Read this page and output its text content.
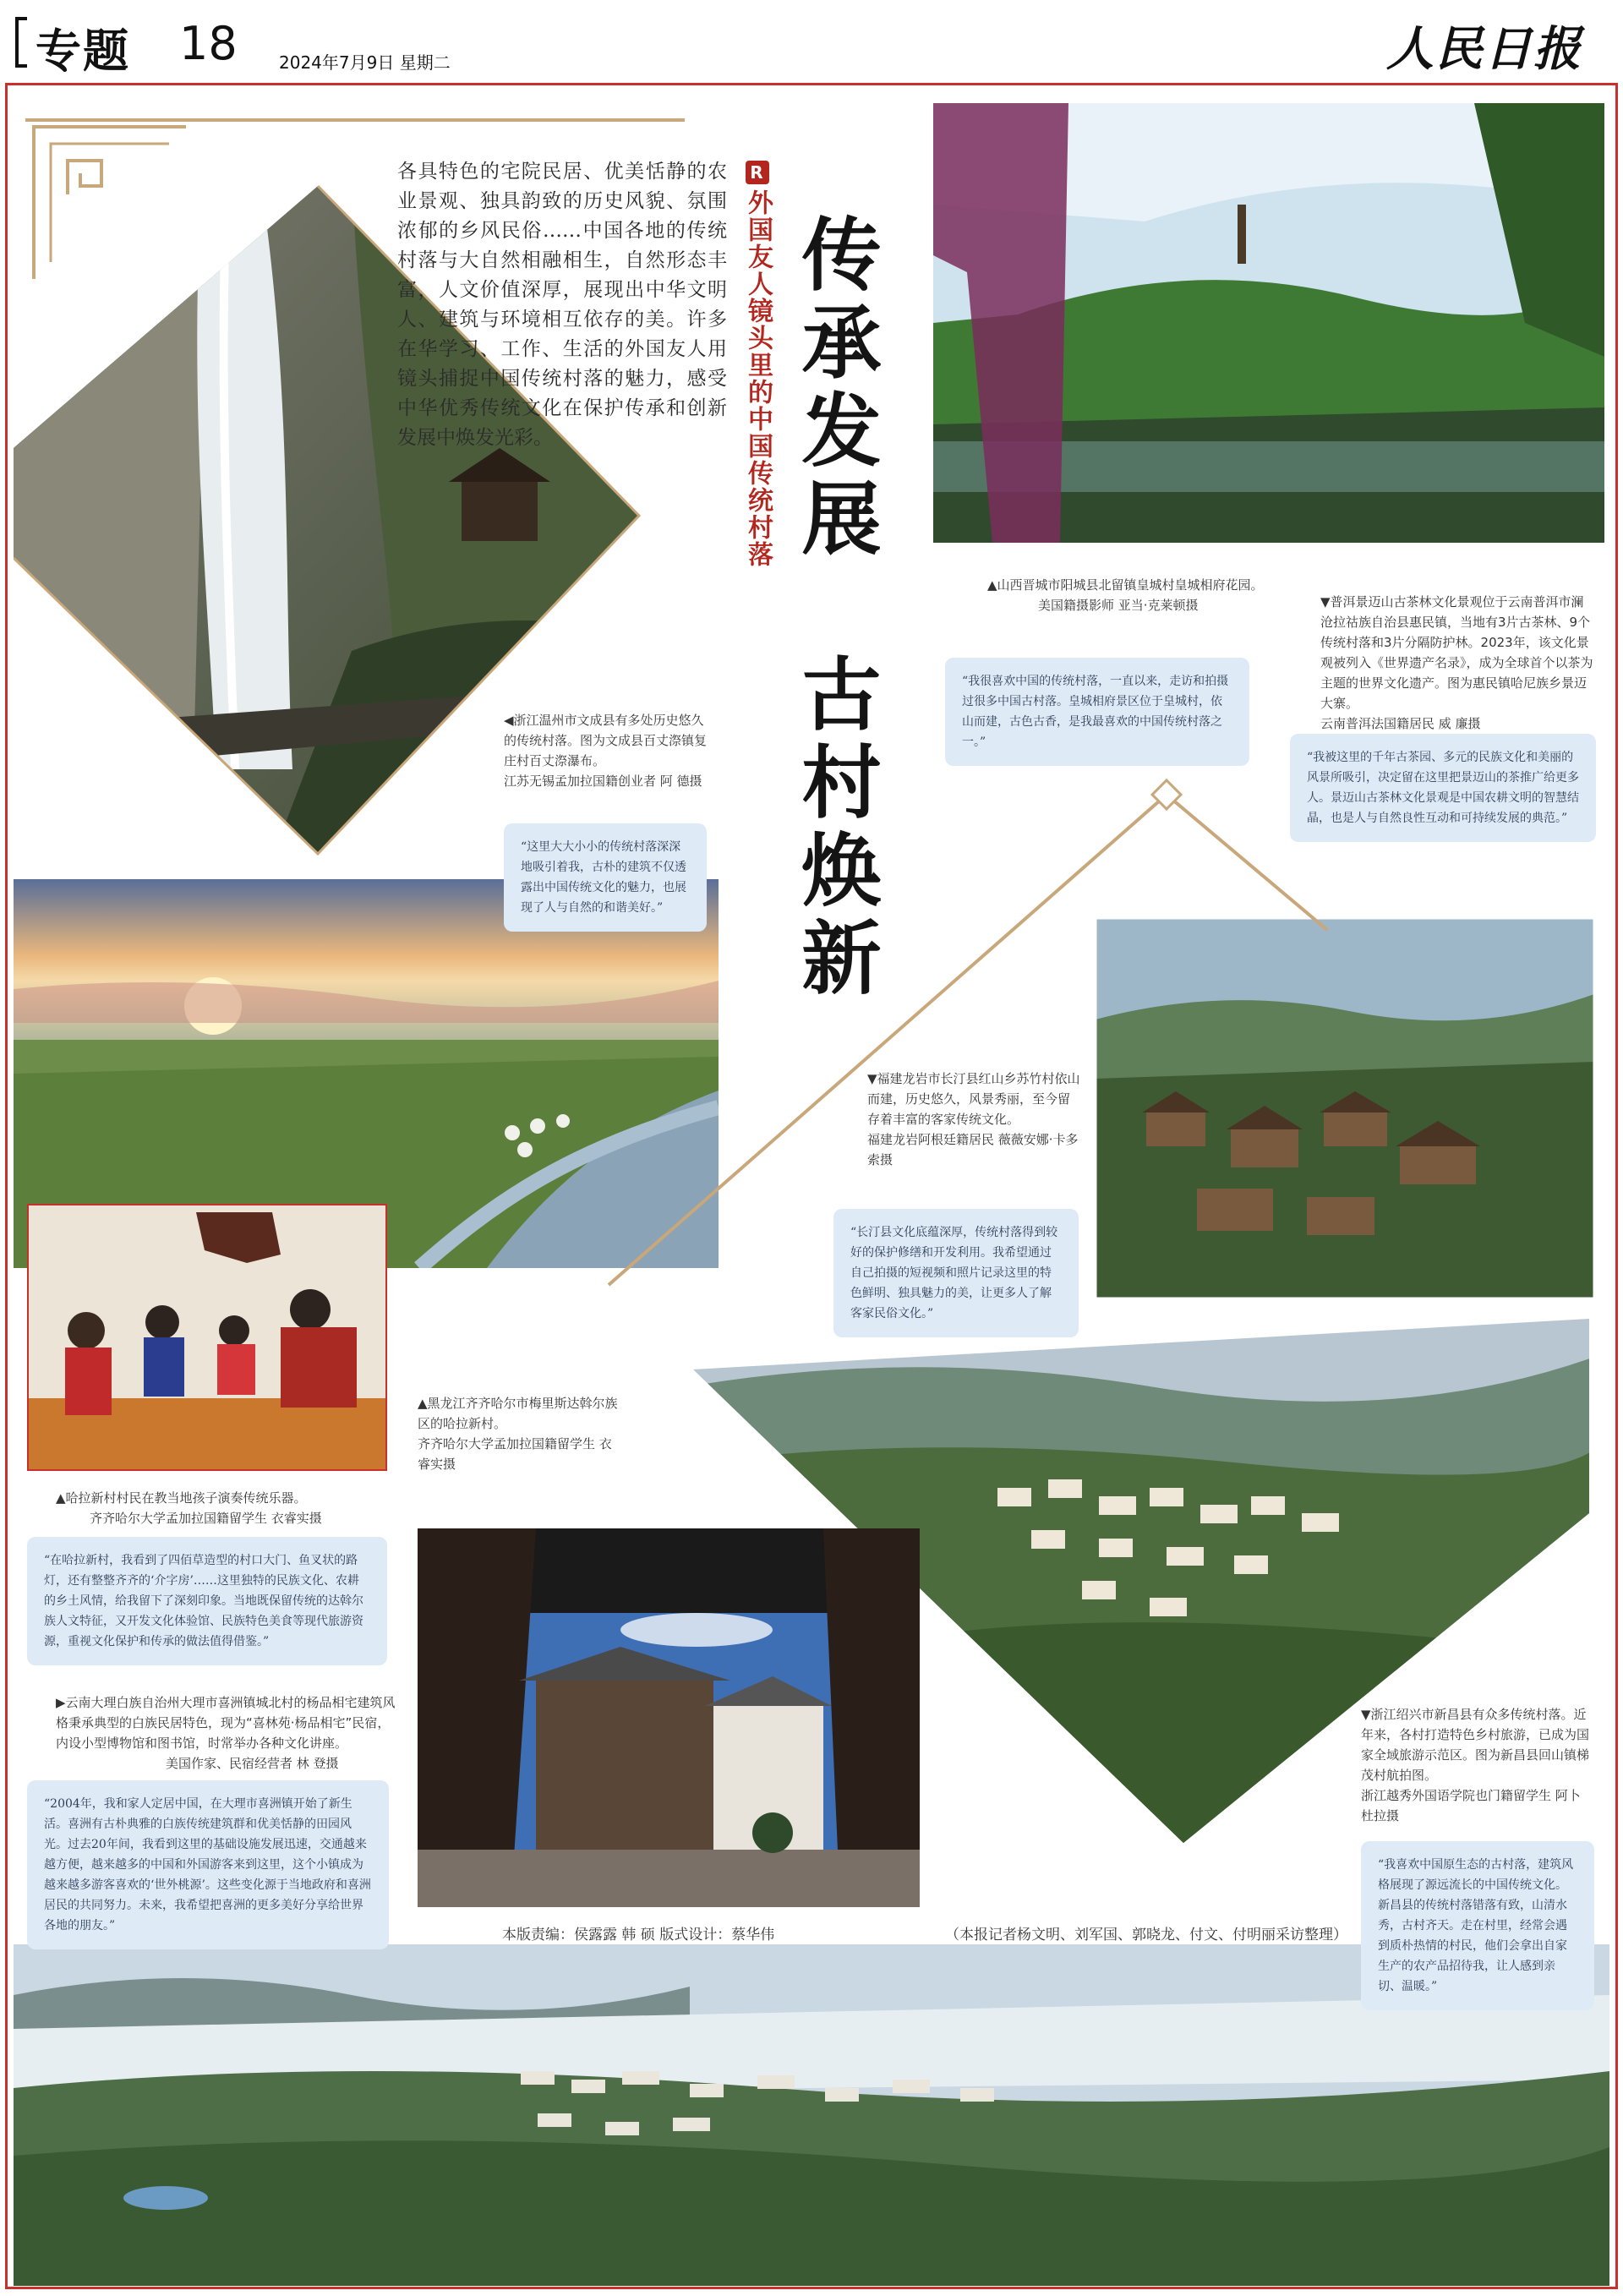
专题 18 2024年7月9日 星期二	人民日报
传承发展
古村焕新
R外国友人镜头里的中国传统村落
各具特色的宅院民居、优美恬静的农业景观、独具韵致的历史风貌、氛围浓郁的乡风民俗……中国各地的传统村落与大自然相融相生，自然形态丰富，人文价值深厚，展现出中华文明人、建筑与环境相互依存的美。许多在华学习、工作、生活的外国友人用镜头捕捉中国传统村落的魅力，感受中华优秀传统文化在保护传承和创新发展中焕发光彩。
◀浙江温州市文成县有多处历史悠久的传统村落。图为文成县百丈漈镇复庄村百丈漈瀑布。
江苏无锡孟加拉国籍创业者 阿 德摄
“这里大大小小的传统村落深深地吸引着我，古朴的建筑不仅透露出中国传统文化的魅力，也展现了人与自然的和谐美好。”
▲山西晋城市阳城县北留镇皇城村皇城相府花园。
美国籍摄影师 亚当·克莱顿摄
“我很喜欢中国的传统村落，一直以来，走访和拍摄过很多中国古村落。皇城相府景区位于皇城村，依山而建，古色古香，是我最喜欢的中国传统村落之一。”
▼普洱景迈山古茶林文化景观位于云南普洱市澜沧拉祜族自治县惠民镇，当地有3片古茶林、9个传统村落和3片分隔防护林。2023年，该文化景观被列入《世界遗产名录》，成为全球首个以茶为主题的世界文化遗产。图为惠民镇哈尼族乡景迈大寨。
云南普洱法国籍居民 威 廉摄
“我被这里的千年古茶园、多元的民族文化和美丽的风景所吸引，决定留在这里把景迈山的茶推广给更多人。景迈山古茶林文化景观是中国农耕文明的智慧结晶，也是人与自然良性互动和可持续发展的典范。”
▼福建龙岩市长汀县红山乡苏竹村依山而建，历史悠久，风景秀丽，至今留存着丰富的客家传统文化。
福建龙岩阿根廷籍居民 薇薇安娜·卡多索摄
“长汀县文化底蕴深厚，传统村落得到较好的保护修缮和开发利用。我希望通过自己拍摄的短视频和照片记录这里的特色鲜明、独具魅力的美，让更多人了解客家民俗文化。”
▲黑龙江齐齐哈尔市梅里斯达斡尔族区的哈拉新村。
齐齐哈尔大学孟加拉国籍留学生 衣睿实摄
▲哈拉新村村民在教当地孩子演奏传统乐器。
齐齐哈尔大学孟加拉国籍留学生 衣睿实摄
“在哈拉新村，我看到了四佰草造型的村口大门、鱼叉状的路灯，还有整整齐齐的‘介字房’……这里独特的民族文化、农耕的乡土风情，给我留下了深刻印象。当地既保留传统的达斡尔族人文特征，又开发文化体验馆、民族特色美食等现代旅游资源，重视文化保护和传承的做法值得借鉴。”
▶云南大理白族自治州大理市喜洲镇城北村的杨品相宅建筑风格秉承典型的白族民居特色，现为“喜林苑·杨品相宅”民宿，内设小型博物馆和图书馆，时常举办各种文化讲座。
美国作家、民宿经营者 林 登摄
“2004年，我和家人定居中国，在大理市喜洲镇开始了新生活。喜洲有古朴典雅的白族传统建筑群和优美恬静的田园风光。过去20年间，我看到这里的基础设施发展迅速，交通越来越方便，越来越多的中国和外国游客来到这里，这个小镇成为越来越多游客喜欢的‘世外桃源’。这些变化源于当地政府和喜洲居民的共同努力。未来，我希望把喜洲的更多美好分享给世界各地的朋友。”
▼浙江绍兴市新昌县有众多传统村落。近年来，各村打造特色乡村旅游，已成为国家全域旅游示范区。图为新昌县回山镇梯茂村航拍图。
浙江越秀外国语学院也门籍留学生 阿卜杜拉摄
“我喜欢中国原生态的古村落，建筑风格展现了源远流长的中国传统文化。新昌县的传统村落错落有致，山清水秀，古村齐天。走在村里，经常会遇到质朴热情的村民，他们会拿出自家生产的农产品招待我，让人感到亲切、温暖。”
本版责编：侯露露 韩 硕 版式设计：蔡华伟	（本报记者杨文明、刘军国、郭晓龙、付文、付明丽采访整理）
